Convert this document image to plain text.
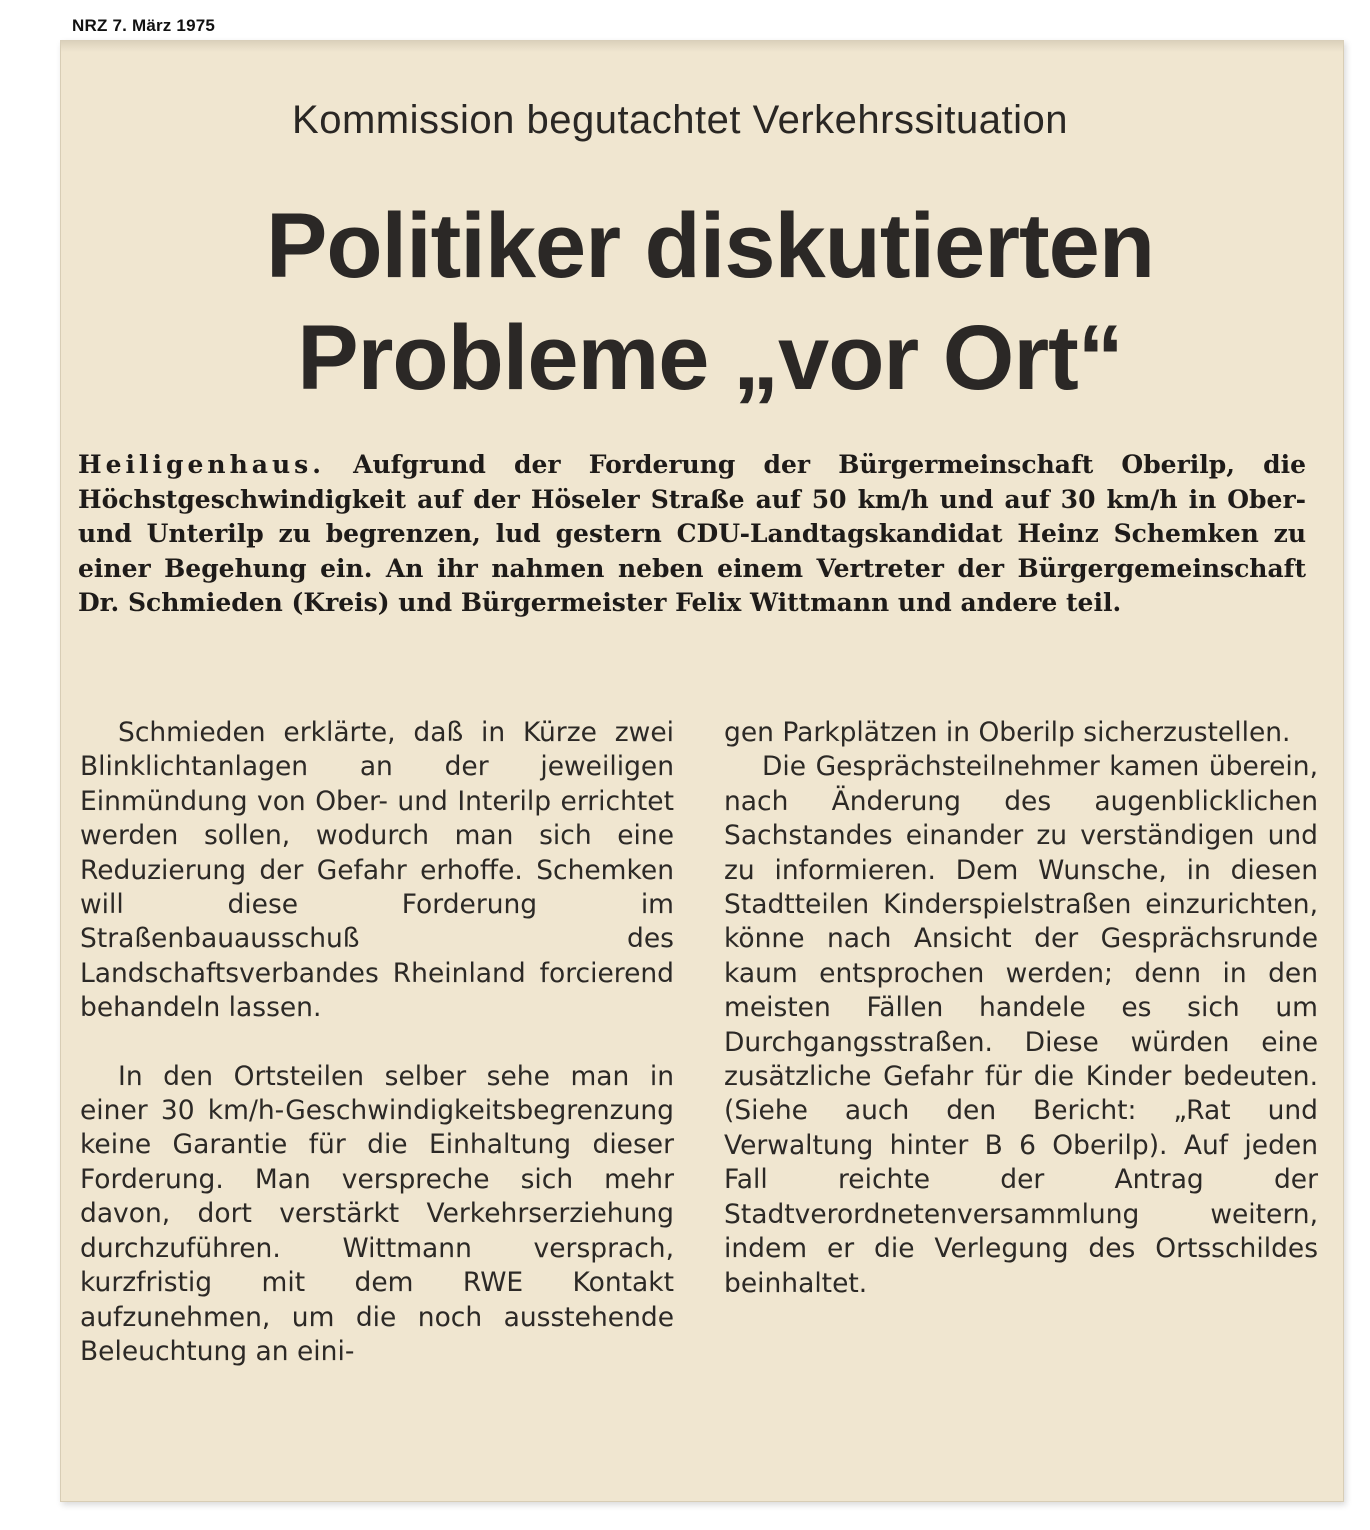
NRZ 7. März 1975
Kommission begutachtet Verkehrssituation
Politiker diskutierten
Probleme „vor Ort“
Heiligenhaus. Aufgrund der Forderung der Bürgermeinschaft Oberilp, die Höchstgeschwindigkeit auf der Höseler Straße auf 50 km/h und auf 30 km/h in Ober- und Unterilp zu begrenzen, lud gestern CDU-Landtagskandidat Heinz Schemken zu einer Begehung ein. An ihr nahmen neben einem Vertreter der Bürgergemeinschaft Dr. Schmieden (Kreis) und Bürgermeister Felix Wittmann und andere teil.

Schmieden erklärte, daß in Kürze zwei Blinklichtanlagen an der jeweiligen Einmündung von Ober- und Interilp errichtet werden sollen, wodurch man sich eine Reduzierung der Gefahr erhoffe. Schemken will diese Forderung im Straßenbauausschuß des Landschaftsverbandes Rheinland forcierend behandeln lassen.

In den Ortsteilen selber sehe man in einer 30 km/h-Geschwindigkeitsbegrenzung keine Garantie für die Einhaltung dieser Forderung. Man verspreche sich mehr davon, dort verstärkt Verkehrserziehung durchzuführen. Wittmann versprach, kurzfristig mit dem RWE Kontakt aufzunehmen, um die noch ausstehende Beleuchtung an eini-

gen Parkplätzen in Oberilp sicherzustellen.

Die Gesprächsteilnehmer kamen überein, nach Änderung des augenblicklichen Sachstandes einander zu verständigen und zu informieren. Dem Wunsche, in diesen Stadtteilen Kinderspielstraßen einzurichten, könne nach Ansicht der Gesprächsrunde kaum entsprochen werden; denn in den meisten Fällen handele es sich um Durchgangsstraßen. Diese würden eine zusätzliche Gefahr für die Kinder bedeuten. (Siehe auch den Bericht: „Rat und Verwaltung hinter B 6 Oberilp). Auf jeden Fall reichte der Antrag der Stadtverordnetenversammlung weitern, indem er die Verlegung des Ortsschildes beinhaltet.
